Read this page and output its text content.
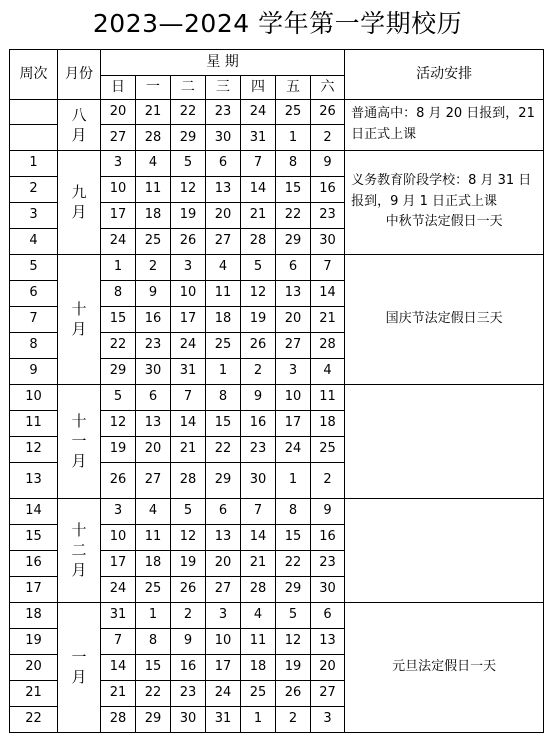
2023—2024 学年第一学期校历
周次	月份	星 期							活动安排
		日	一	二	三	四	五	六	
	八月	20	21	22	23	24	25	26	普通高中：8 月 20 日报到，21 日正式上课

		27	28	29	30	31	1	2	
1	九月	3	4	5	6	7	8	9	义务教育阶段学校：8 月 31 日报到，9 月 1 日正式上课

中秋节法定假日一天

2		10	11	12	13	14	15	16	
3		17	18	19	20	21	22	23	
4		24	25	26	27	28	29	30	
5	十月	1	2	3	4	5	6	7	国庆节法定假日三天

6		8	9	10	11	12	13	14	
7		15	16	17	18	19	20	21	
8		22	23	24	25	26	27	28	
9		29	30	31	1	2	3	4	
10	十一月	5	6	7	8	9	10	11	

11		12	13	14	15	16	17	18	
12		19	20	21	22	23	24	25	
13		26	27	28	29	30	1	2	
14	十二月	3	4	5	6	7	8	9	

15		10	11	12	13	14	15	16	
16		17	18	19	20	21	22	23	
17		24	25	26	27	28	29	30	
18	一月	31	1	2	3	4	5	6	元旦法定假日一天

19		7	8	9	10	11	12	13	
20		14	15	16	17	18	19	20	
21		21	22	23	24	25	26	27	
22		28	29	30	31	1	2	3	
